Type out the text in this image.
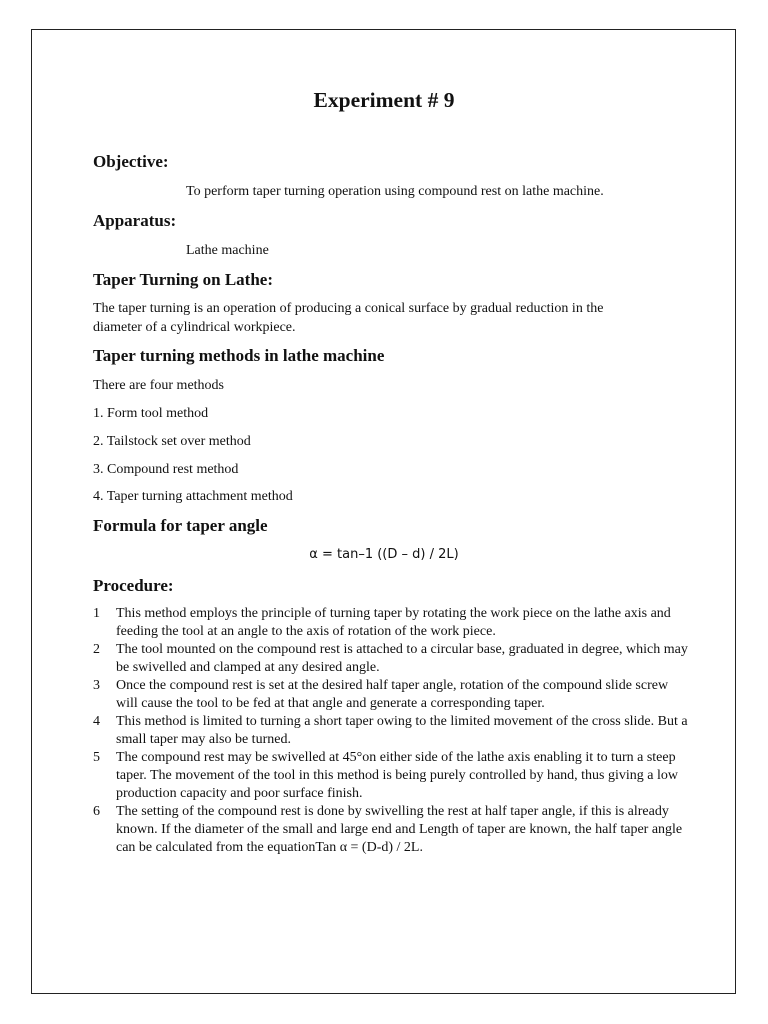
Experiment # 9
Objective:

To perform taper turning operation using compound rest on lathe machine.

Apparatus:

Lathe machine

Taper Turning on Lathe:

The taper turning is an operation of producing a conical surface by gradual reduction in the

diameter of a cylindrical workpiece.

Taper turning methods in lathe machine

There are four methods

1. Form tool method

2. Tailstock set over method

3. Compound rest method

4. Taper turning attachment method

Formula for taper angle
α = tan–1 ((D – d) / 2L)
Procedure:
1	This method employs the principle of turning taper by rotating the work piece on the lathe axis and feeding the tool at an angle to the axis of rotation of the work piece.
2	The tool mounted on the compound rest is attached to a circular base, graduated in degree, which may be swivelled and clamped at any desired angle.
3	Once the compound rest is set at the desired half taper angle, rotation of the compound slide screw will cause the tool to be fed at that angle and generate a corresponding taper.
4	This method is limited to turning a short taper owing to the limited movement of the cross slide. But a small taper may also be turned.
5	The compound rest may be swivelled at 45°on either side of the lathe axis enabling it to turn a steep taper. The movement of the tool in this method is being purely controlled by hand, thus giving a low production capacity and poor surface finish.
6	The setting of the compound rest is done by swivelling the rest at half taper angle, if this is already known. If the diameter of the small and large end and Length of taper are known, the half taper angle can be calculated from the equationTan α = (D-d) / 2L.
